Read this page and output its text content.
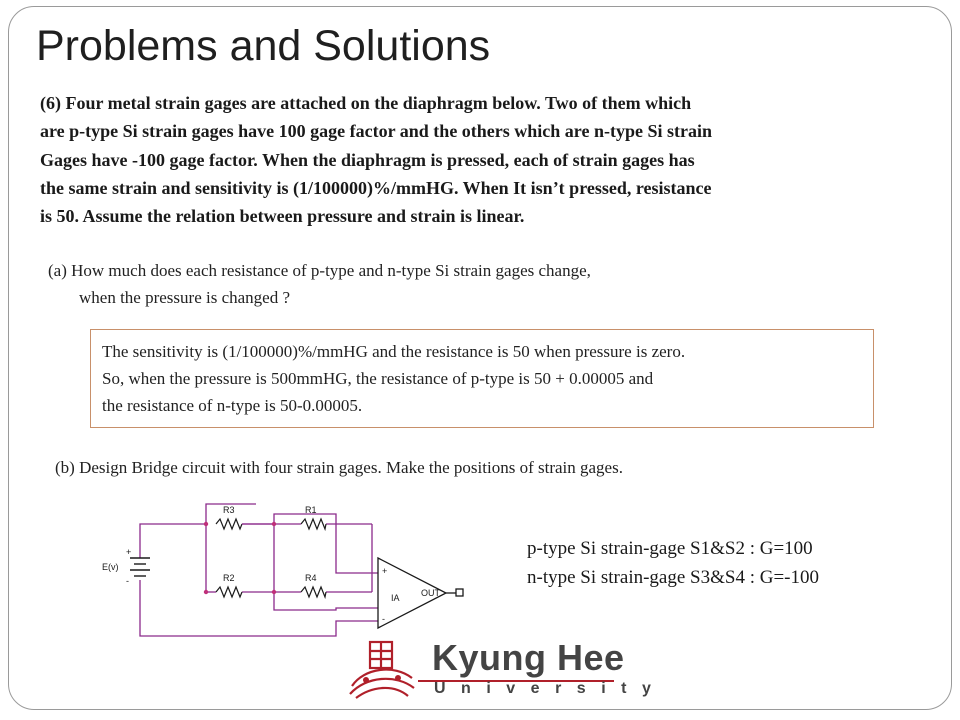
Problems and Solutions
(6) Four metal strain gages are attached on the diaphragm below. Two of them which
are p-type Si strain gages have 100 gage factor and the others which are n-type Si strain
Gages have -100 gage factor. When the diaphragm is pressed, each of strain gages has
the same strain and sensitivity is (1/100000)%/mmHG. When It isn’t pressed, resistance
is 50. Assume the relation between pressure and strain is linear.
(a) How much does each resistance of p-type and n-type Si strain gages change,
when the pressure is changed ?
The sensitivity is (1/100000)%/mmHG and the resistance is 50 when pressure is zero.
So, when the pressure is 500mmHG, the resistance of p-type is 50 + 0.00005 and
the resistance of n-type is 50-0.00005.
(b) Design Bridge circuit with four strain gages. Make the positions of strain gages.
R3	R1
R2	R4
E(v)
+
-
IA OUT
+
-
p-type Si strain-gage S1&S2 : G=100
n-type Si strain-gage S3&S4 : G=-100
Kyung Hee
University
